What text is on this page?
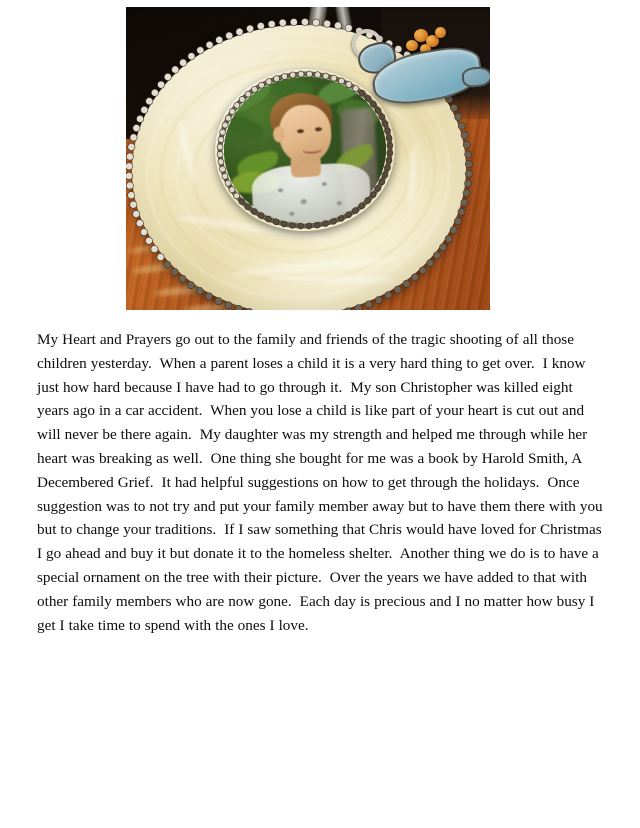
My Heart and Prayers go out to the family and friends of the tragic shooting of all those children yesterday.  When a parent loses a child it is a very hard thing to get over.  I know just how hard because I have had to go through it.  My son Christopher was killed eight years ago in a car accident.  When you lose a child is like part of your heart is cut out and will never be there again.  My daughter was my strength and helped me through while her heart was breaking as well.  One thing she bought for me was a book by Harold Smith, A Decembered Grief.  It had helpful suggestions on how to get through the holidays.  Once suggestion was to not try and put your family member away but to have them there with you but to change your traditions.  If I saw something that Chris would have loved for Christmas I go ahead and buy it but donate it to the homeless shelter.  Another thing we do is to have a special ornament on the tree with their picture.  Over the years we have added to that with other family members who are now gone.  Each day is precious and I no matter how busy I get I take time to spend with the ones I love.
